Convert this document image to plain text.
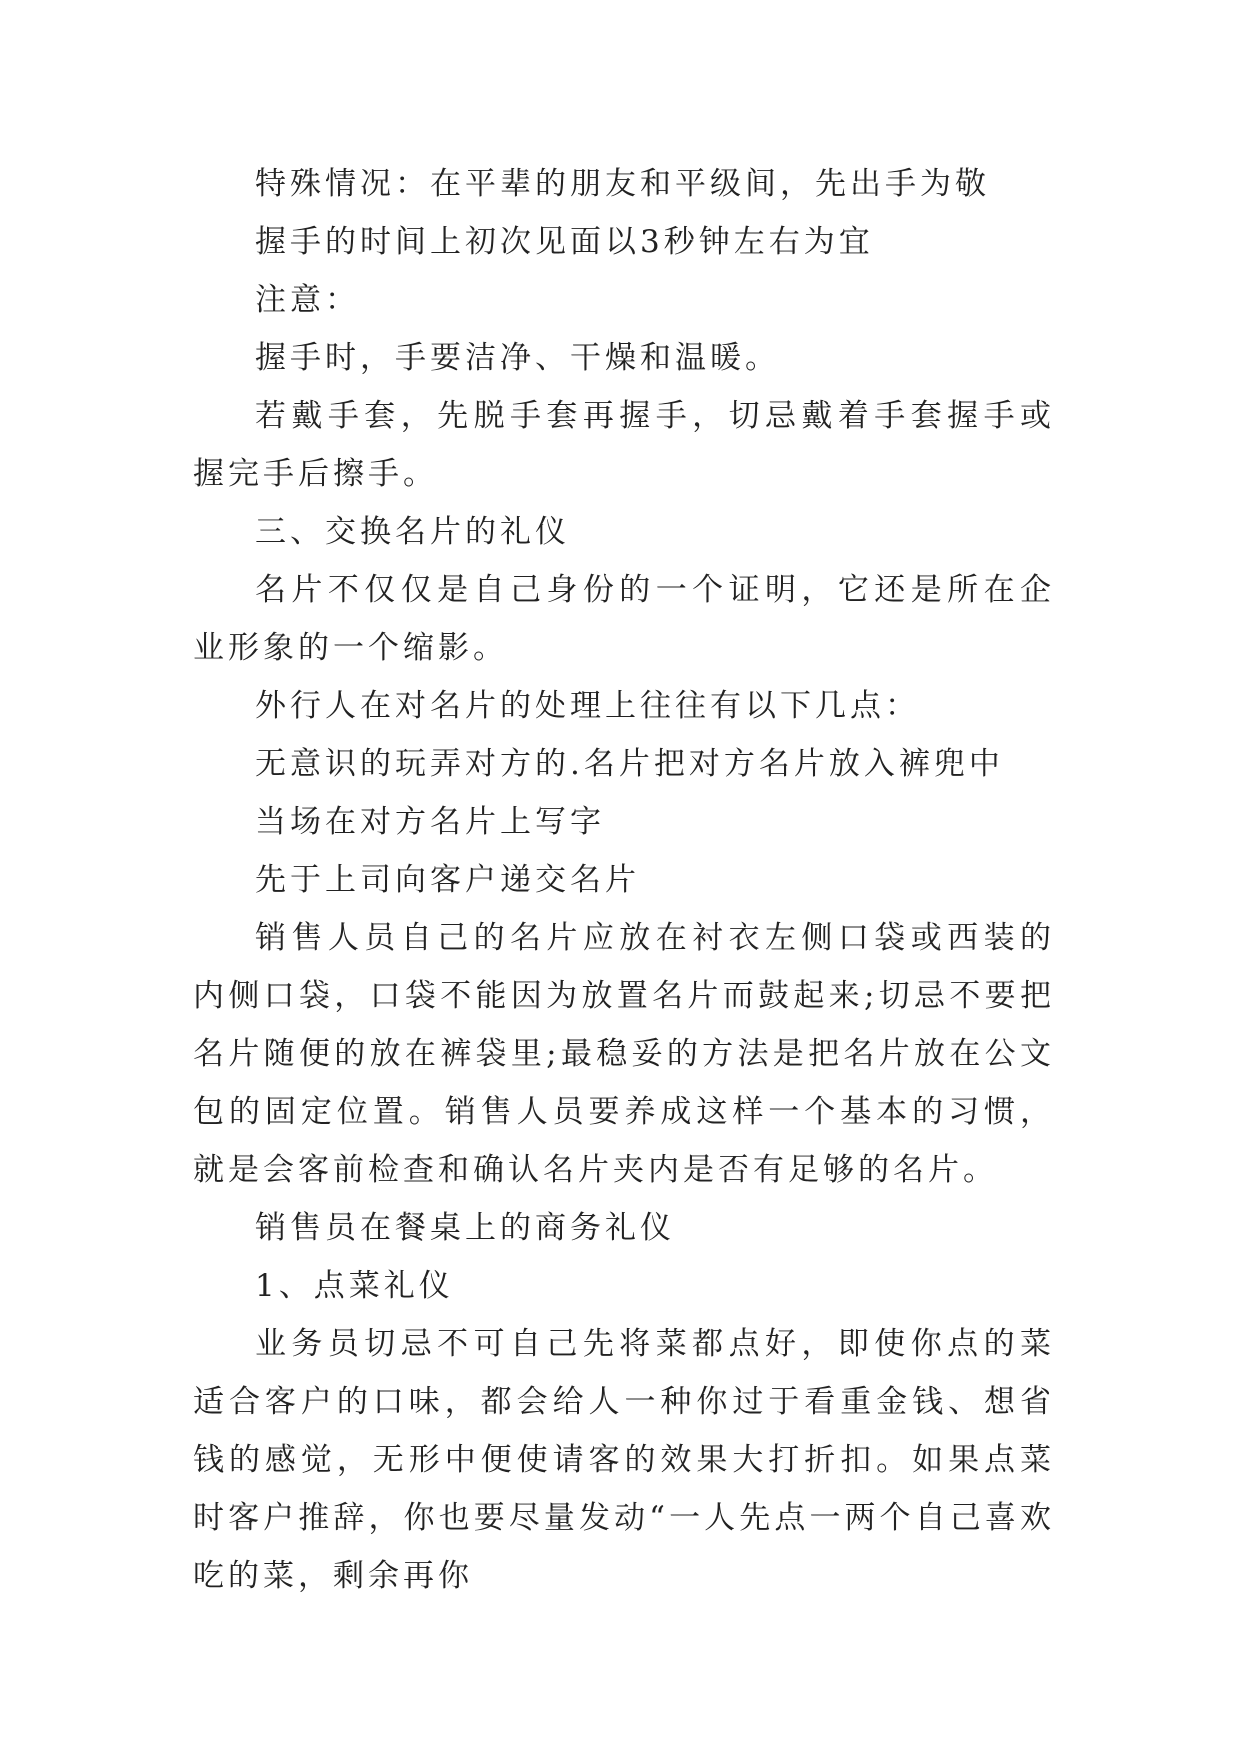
特殊情况：在平辈的朋友和平级间，先出手为敬

握手的时间上初次见面以3秒钟左右为宜

注意：

握手时，手要洁净、干燥和温暖。

若戴手套，先脱手套再握手，切忌戴着手套握手或握完手后擦手。

三、交换名片的礼仪

名片不仅仅是自己身份的一个证明，它还是所在企业形象的一个缩影。

外行人在对名片的处理上往往有以下几点：

无意识的玩弄对方的.名片把对方名片放入裤兜中

当场在对方名片上写字

先于上司向客户递交名片

销售人员自己的名片应放在衬衣左侧口袋或西装的内侧口袋，口袋不能因为放置名片而鼓起来;切忌不要把名片随便的放在裤袋里;最稳妥的方法是把名片放在公文包的固定位置。销售人员要养成这样一个基本的习惯，就是会客前检查和确认名片夹内是否有足够的名片。

销售员在餐桌上的商务礼仪

1、点菜礼仪

业务员切忌不可自己先将菜都点好，即使你点的菜适合客户的口味，都会给人一种你过于看重金钱、想省钱的感觉，无形中便使请客的效果大打折扣。如果点菜时客户推辞，你也要尽量发动“一人先点一两个自己喜欢吃的菜，剩余再你
